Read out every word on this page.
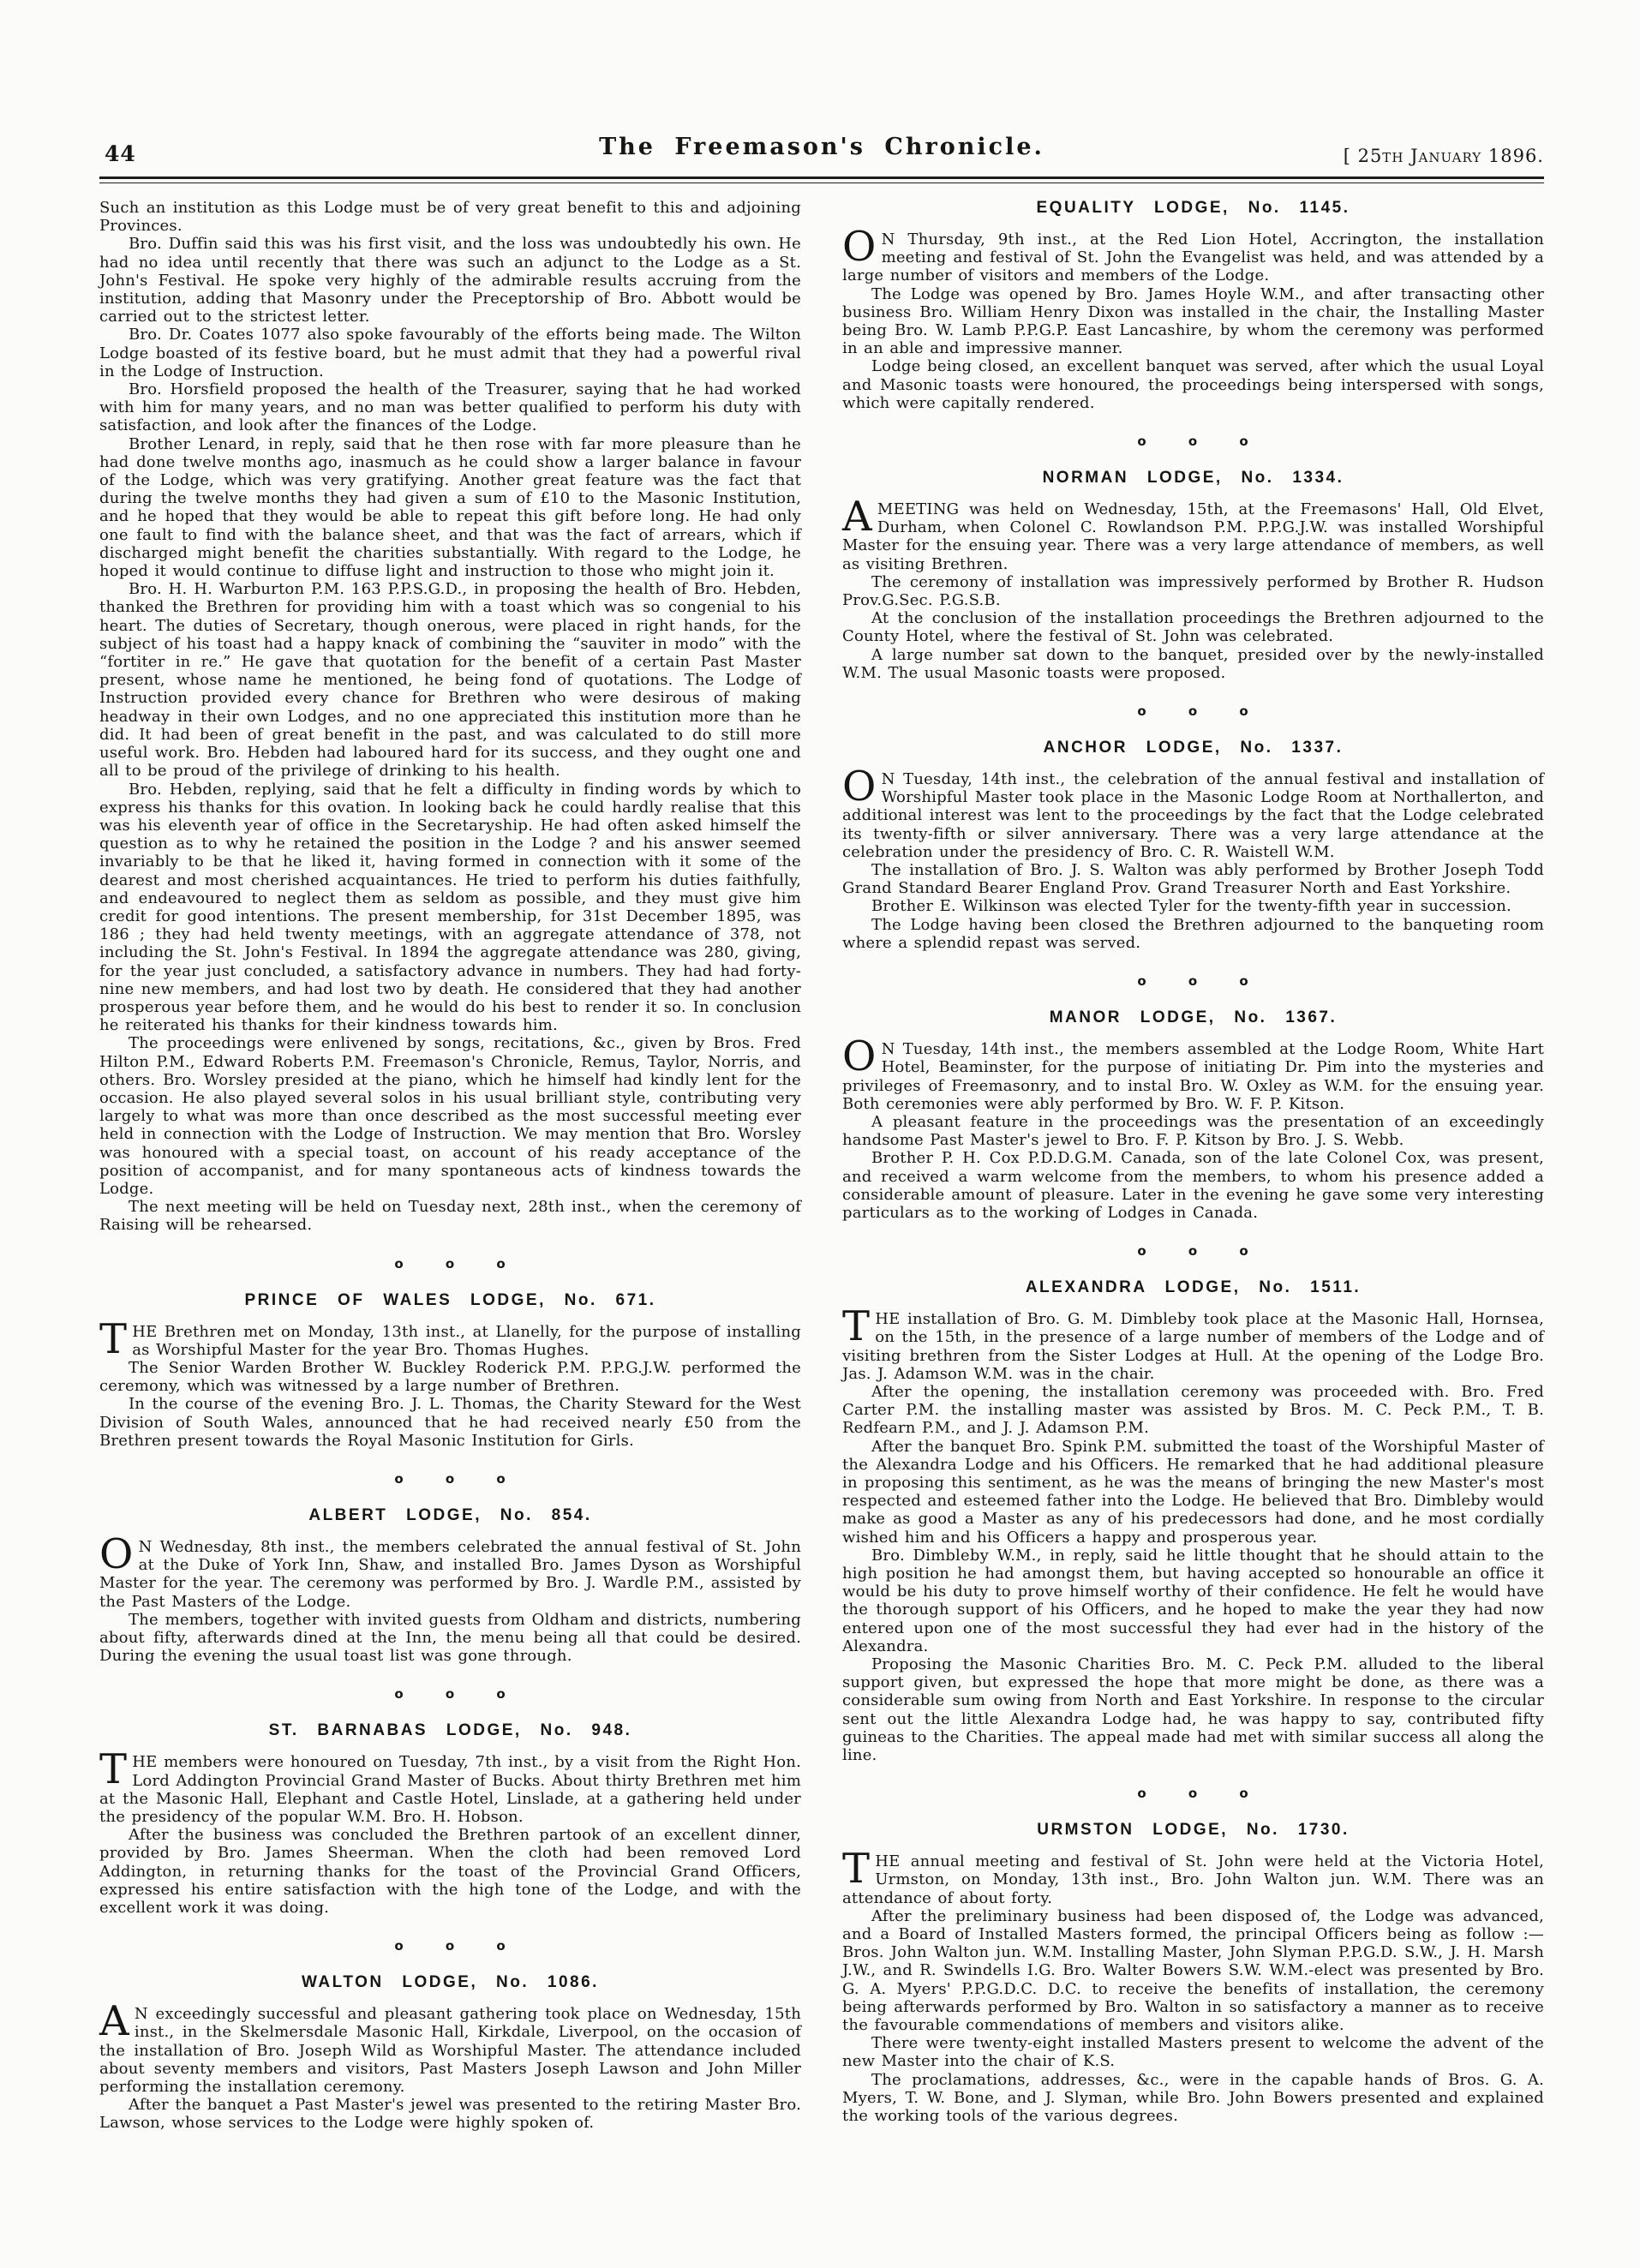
44	The Freemason's Chronicle.	[ 25th January 1896.

Such an institution as this Lodge must be of very great benefit to this and adjoining Provinces.

Bro. Duffin said this was his first visit, and the loss was undoubtedly his own. He had no idea until recently that there was such an adjunct to the Lodge as a St. John's Festival. He spoke very highly of the admirable results accruing from the institution, adding that Masonry under the Preceptorship of Bro. Abbott would be carried out to the strictest letter.

Bro. Dr. Coates 1077 also spoke favourably of the efforts being made. The Wilton Lodge boasted of its festive board, but he must admit that they had a powerful rival in the Lodge of Instruction.

Bro. Horsfield proposed the health of the Treasurer, saying that he had worked with him for many years, and no man was better qualified to perform his duty with satisfaction, and look after the finances of the Lodge.

Brother Lenard, in reply, said that he then rose with far more pleasure than he had done twelve months ago, inasmuch as he could show a larger balance in favour of the Lodge, which was very gratifying. Another great feature was the fact that during the twelve months they had given a sum of £10 to the Masonic Institution, and he hoped that they would be able to repeat this gift before long. He had only one fault to find with the balance sheet, and that was the fact of arrears, which if discharged might benefit the charities substantially. With regard to the Lodge, he hoped it would continue to diffuse light and instruction to those who might join it.

Bro. H. H. Warburton P.M. 163 P.P.S.G.D., in proposing the health of Bro. Hebden, thanked the Brethren for providing him with a toast which was so congenial to his heart. The duties of Secretary, though onerous, were placed in right hands, for the subject of his toast had a happy knack of combining the “sauviter in modo” with the “fortiter in re.” He gave that quotation for the benefit of a certain Past Master present, whose name he mentioned, he being fond of quotations. The Lodge of Instruction provided every chance for Brethren who were desirous of making headway in their own Lodges, and no one appreciated this institution more than he did. It had been of great benefit in the past, and was calculated to do still more useful work. Bro. Hebden had laboured hard for its success, and they ought one and all to be proud of the privilege of drinking to his health.

Bro. Hebden, replying, said that he felt a difficulty in finding words by which to express his thanks for this ovation. In looking back he could hardly realise that this was his eleventh year of office in the Secretaryship. He had often asked himself the question as to why he retained the position in the Lodge ? and his answer seemed invariably to be that he liked it, having formed in connection with it some of the dearest and most cherished acquaintances. He tried to perform his duties faithfully, and endeavoured to neglect them as seldom as possible, and they must give him credit for good intentions. The present membership, for 31st December 1895, was 186 ; they had held twenty meetings, with an aggregate attendance of 378, not including the St. John's Festival. In 1894 the aggregate attendance was 280, giving, for the year just concluded, a satisfactory advance in numbers. They had had forty-nine new members, and had lost two by death. He considered that they had another prosperous year before them, and he would do his best to render it so. In conclusion he reiterated his thanks for their kindness towards him.

The proceedings were enlivened by songs, recitations, &c., given by Bros. Fred Hilton P.M., Edward Roberts P.M. Freemason's Chronicle, Remus, Taylor, Norris, and others. Bro. Worsley presided at the piano, which he himself had kindly lent for the occasion. He also played several solos in his usual brilliant style, contributing very largely to what was more than once described as the most successful meeting ever held in connection with the Lodge of Instruction. We may mention that Bro. Worsley was honoured with a special toast, on account of his ready acceptance of the position of accompanist, and for many spontaneous acts of kindness towards the Lodge.

The next meeting will be held on Tuesday next, 28th inst., when the ceremony of Raising will be rehearsed.

o o o
PRINCE OF WALES LODGE, No. 671.

THE Brethren met on Monday, 13th inst., at Llanelly, for the purpose of installing as Worshipful Master for the year Bro. Thomas Hughes.

The Senior Warden Brother W. Buckley Roderick P.M. P.P.G.J.W. performed the ceremony, which was witnessed by a large number of Brethren.

In the course of the evening Bro. J. L. Thomas, the Charity Steward for the West Division of South Wales, announced that he had received nearly £50 from the Brethren present towards the Royal Masonic Institution for Girls.

o o o
ALBERT LODGE, No. 854.

O N Wednesday, 8th inst., the members celebrated the annual festival of St. John at the Duke of York Inn, Shaw, and installed Bro. James Dyson as Worshipful Master for the year. The ceremony was performed by Bro. J. Wardle P.M., assisted by the Past Masters of the Lodge.

The members, together with invited guests from Oldham and districts, numbering about fifty, afterwards dined at the Inn, the menu being all that could be desired. During the evening the usual toast list was gone through.

o o o
ST. BARNABAS LODGE, No. 948.

THE members were honoured on Tuesday, 7th inst., by a visit from the Right Hon. Lord Addington Provincial Grand Master of Bucks. About thirty Brethren met him at the Masonic Hall, Elephant and Castle Hotel, Linslade, at a gathering held under the presidency of the popular W.M. Bro. H. Hobson.

After the business was concluded the Brethren partook of an excellent dinner, provided by Bro. James Sheerman. When the cloth had been removed Lord Addington, in returning thanks for the toast of the Provincial Grand Officers, expressed his entire satisfaction with the high tone of the Lodge, and with the excellent work it was doing.

o o o
WALTON LODGE, No. 1086.

A N exceedingly successful and pleasant gathering took place on Wednesday, 15th inst., in the Skelmersdale Masonic Hall, Kirkdale, Liverpool, on the occasion of the installation of Bro. Joseph Wild as Worshipful Master. The attendance included about seventy members and visitors, Past Masters Joseph Lawson and John Miller performing the installation ceremony.

After the banquet a Past Master's jewel was presented to the retiring Master Bro. Lawson, whose services to the Lodge were highly spoken of.

EQUALITY LODGE, No. 1145.

O N Thursday, 9th inst., at the Red Lion Hotel, Accrington, the installation meeting and festival of St. John the Evangelist was held, and was attended by a large number of visitors and members of the Lodge.

The Lodge was opened by Bro. James Hoyle W.M., and after transacting other business Bro. William Henry Dixon was installed in the chair, the Installing Master being Bro. W. Lamb P.P.G.P. East Lancashire, by whom the ceremony was performed in an able and impressive manner.

Lodge being closed, an excellent banquet was served, after which the usual Loyal and Masonic toasts were honoured, the proceedings being interspersed with songs, which were capitally rendered.

o o o
NORMAN LODGE, No. 1334.

A MEETING was held on Wednesday, 15th, at the Freemasons' Hall, Old Elvet, Durham, when Colonel C. Rowlandson P.M. P.P.G.J.W. was installed Worshipful Master for the ensuing year. There was a very large attendance of members, as well as visiting Brethren.

The ceremony of installation was impressively performed by Brother R. Hudson Prov.G.Sec. P.G.S.B.

At the conclusion of the installation proceedings the Brethren adjourned to the County Hotel, where the festival of St. John was celebrated.

A large number sat down to the banquet, presided over by the newly-installed W.M. The usual Masonic toasts were proposed.

o o o
ANCHOR LODGE, No. 1337.

O N Tuesday, 14th inst., the celebration of the annual festival and installation of Worshipful Master took place in the Masonic Lodge Room at Northallerton, and additional interest was lent to the proceedings by the fact that the Lodge celebrated its twenty-fifth or silver anniversary. There was a very large attendance at the celebration under the presidency of Bro. C. R. Waistell W.M.

The installation of Bro. J. S. Walton was ably performed by Brother Joseph Todd Grand Standard Bearer England Prov. Grand Treasurer North and East Yorkshire.

Brother E. Wilkinson was elected Tyler for the twenty-fifth year in succession.

The Lodge having been closed the Brethren adjourned to the banqueting room where a splendid repast was served.

o o o
MANOR LODGE, No. 1367.

O N Tuesday, 14th inst., the members assembled at the Lodge Room, White Hart Hotel, Beaminster, for the purpose of initiating Dr. Pim into the mysteries and privileges of Freemasonry, and to instal Bro. W. Oxley as W.M. for the ensuing year. Both ceremonies were ably performed by Bro. W. F. P. Kitson.

A pleasant feature in the proceedings was the presentation of an exceedingly handsome Past Master's jewel to Bro. F. P. Kitson by Bro. J. S. Webb.

Brother P. H. Cox P.D.D.G.M. Canada, son of the late Colonel Cox, was present, and received a warm welcome from the members, to whom his presence added a considerable amount of pleasure. Later in the evening he gave some very interesting particulars as to the working of Lodges in Canada.

o o o
ALEXANDRA LODGE, No. 1511.

THE installation of Bro. G. M. Dimbleby took place at the Masonic Hall, Hornsea, on the 15th, in the presence of a large number of members of the Lodge and of visiting brethren from the Sister Lodges at Hull. At the opening of the Lodge Bro. Jas. J. Adamson W.M. was in the chair.

After the opening, the installation ceremony was proceeded with. Bro. Fred Carter P.M. the installing master was assisted by Bros. M. C. Peck P.M., T. B. Redfearn P.M., and J. J. Adamson P.M.

After the banquet Bro. Spink P.M. submitted the toast of the Worshipful Master of the Alexandra Lodge and his Officers. He remarked that he had additional pleasure in proposing this sentiment, as he was the means of bringing the new Master's most respected and esteemed father into the Lodge. He believed that Bro. Dimbleby would make as good a Master as any of his predecessors had done, and he most cordially wished him and his Officers a happy and prosperous year.

Bro. Dimbleby W.M., in reply, said he little thought that he should attain to the high position he had amongst them, but having accepted so honourable an office it would be his duty to prove himself worthy of their confidence. He felt he would have the thorough support of his Officers, and he hoped to make the year they had now entered upon one of the most successful they had ever had in the history of the Alexandra.

Proposing the Masonic Charities Bro. M. C. Peck P.M. alluded to the liberal support given, but expressed the hope that more might be done, as there was a considerable sum owing from North and East Yorkshire. In response to the circular sent out the little Alexandra Lodge had, he was happy to say, contributed fifty guineas to the Charities. The appeal made had met with similar success all along the line.

o o o
URMSTON LODGE, No. 1730.

THE annual meeting and festival of St. John were held at the Victoria Hotel, Urmston, on Monday, 13th inst., Bro. John Walton jun. W.M. There was an attendance of about forty.

After the preliminary business had been disposed of, the Lodge was advanced, and a Board of Installed Masters formed, the principal Officers being as follow :—Bros. John Walton jun. W.M. Installing Master, John Slyman P.P.G.D. S.W., J. H. Marsh J.W., and R. Swindells I.G. Bro. Walter Bowers S.W. W.M.-elect was presented by Bro. G. A. Myers' P.P.G.D.C. D.C. to receive the benefits of installation, the ceremony being afterwards performed by Bro. Walton in so satisfactory a manner as to receive the favourable commendations of members and visitors alike.

There were twenty-eight installed Masters present to welcome the advent of the new Master into the chair of K.S.

The proclamations, addresses, &c., were in the capable hands of Bros. G. A. Myers, T. W. Bone, and J. Slyman, while Bro. John Bowers presented and explained the working tools of the various degrees.
